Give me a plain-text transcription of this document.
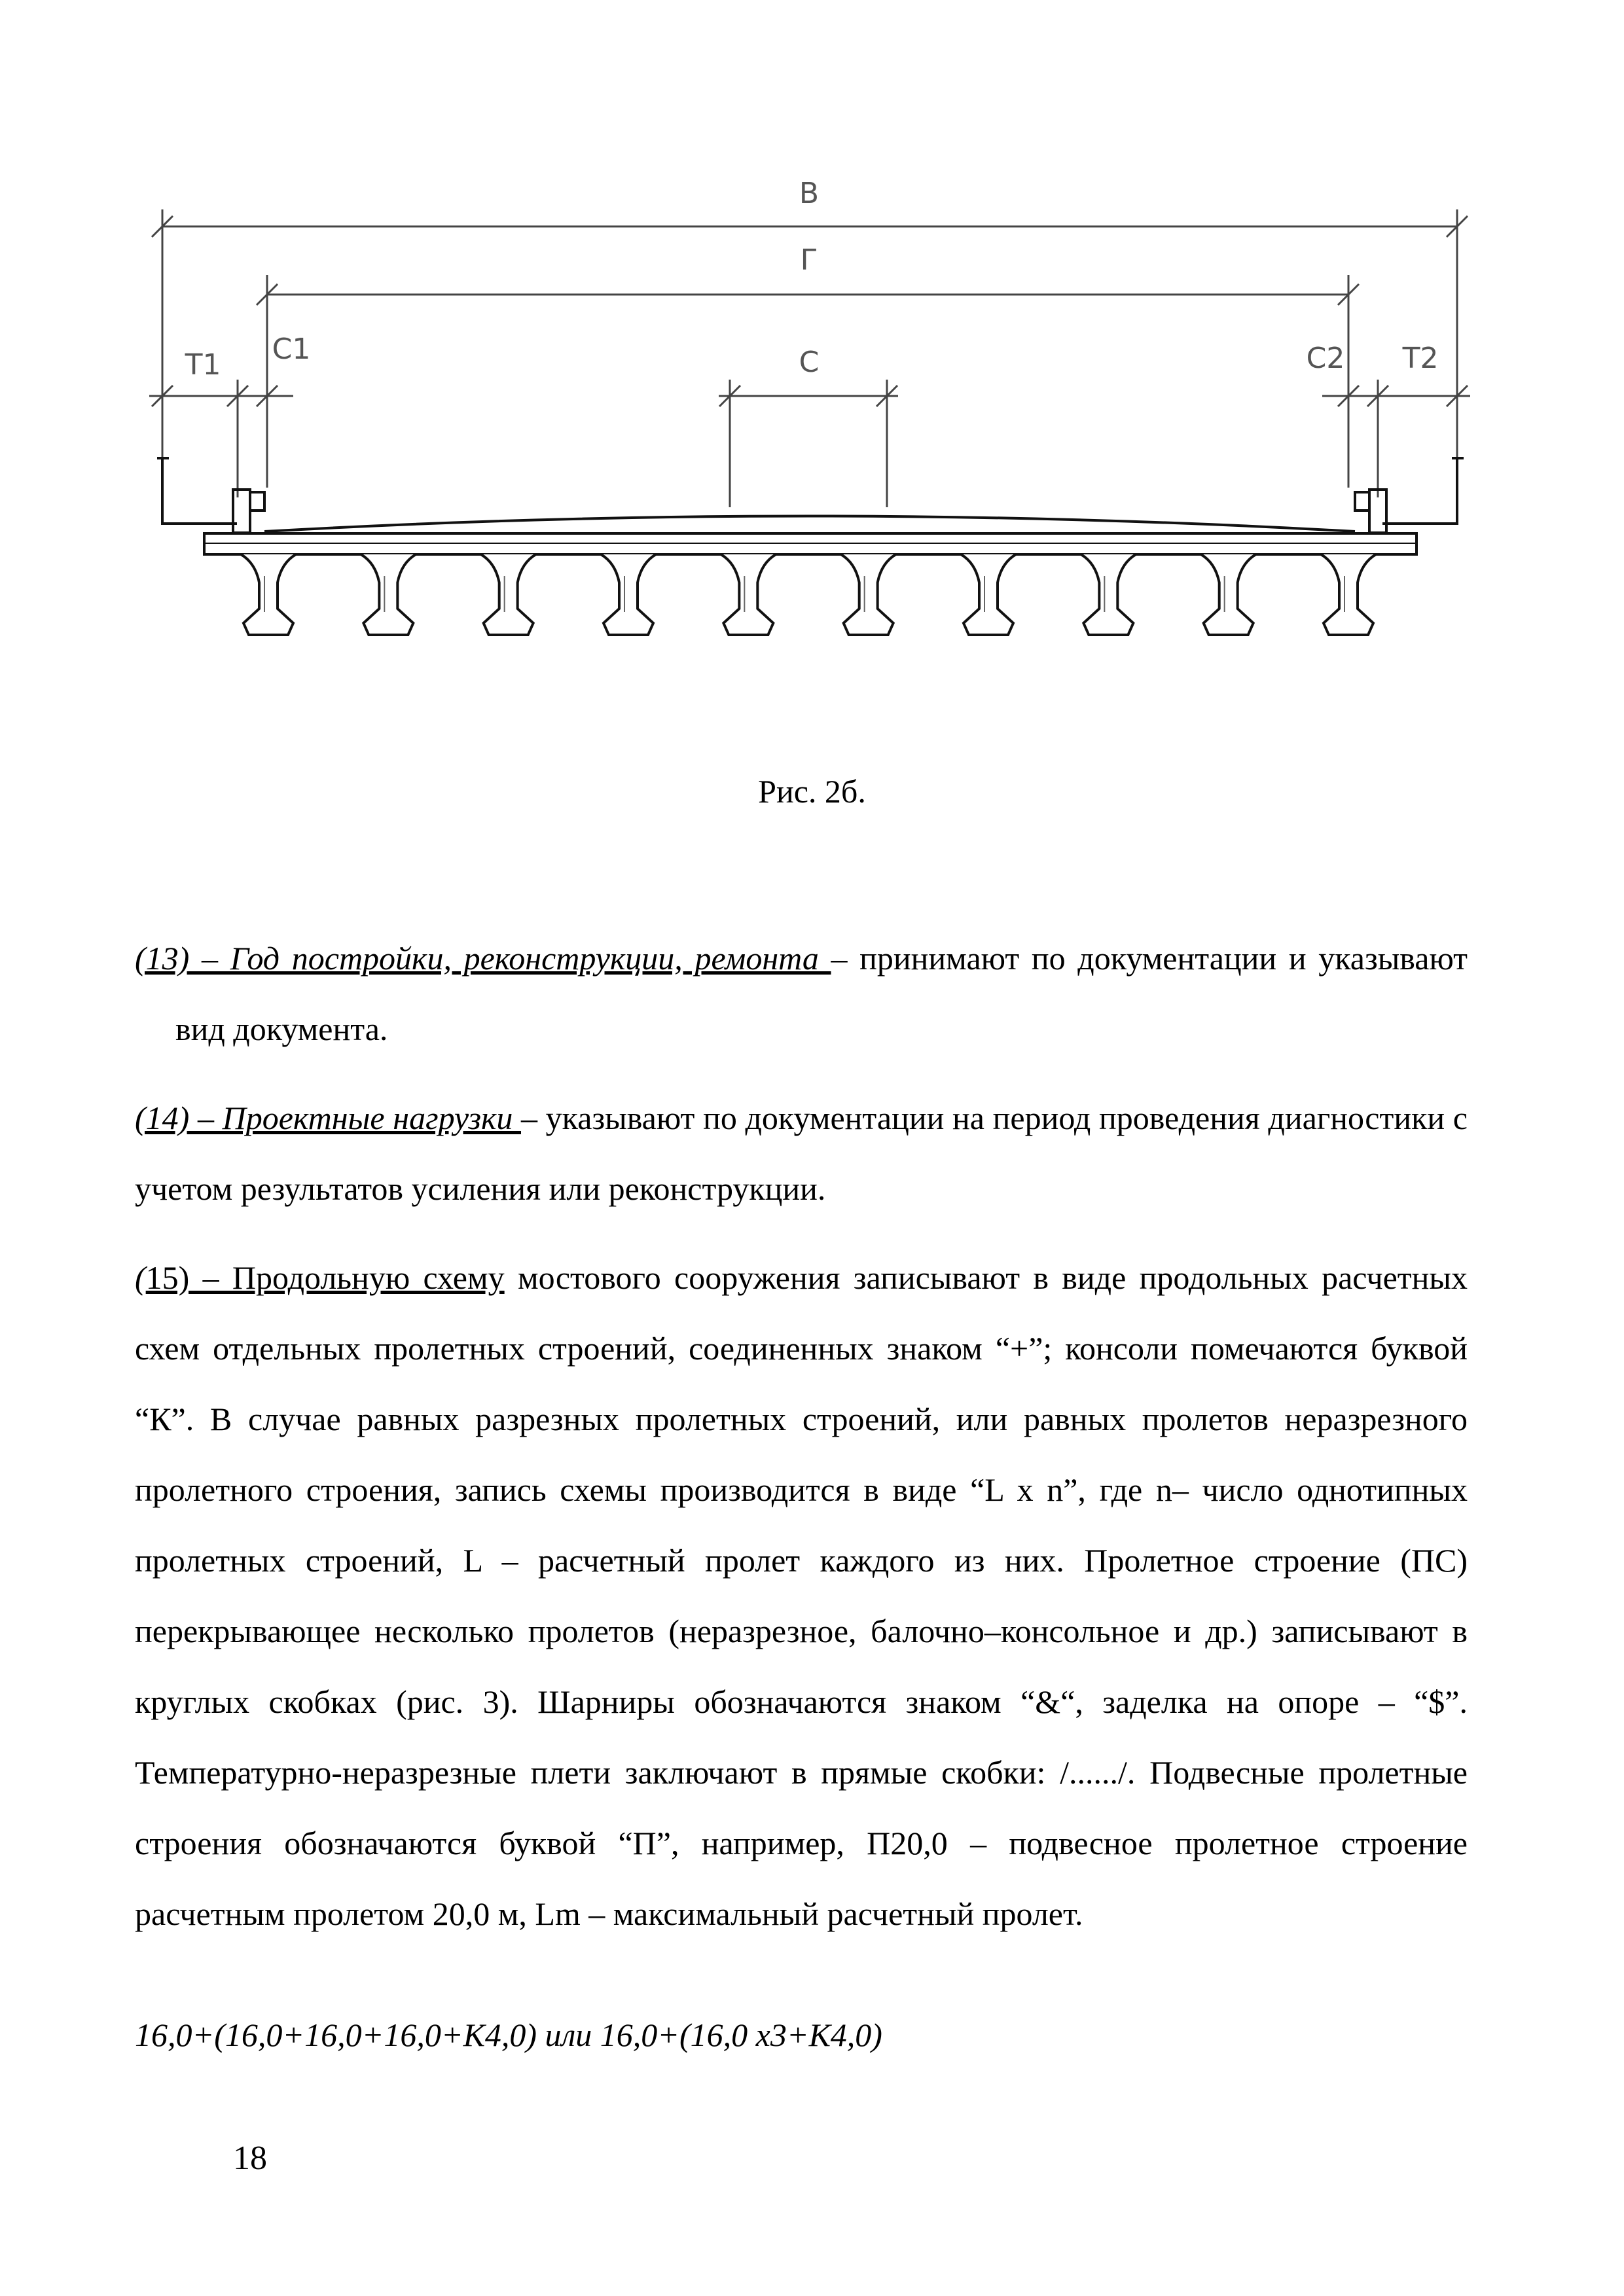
В
Г
С
Т1 С1	С2 Т2
Рис. 2б.

(13) – Год постройки, реконструкции, ремонта – принимают по документации и указывают вид документа.

(14) – Проектные нагрузки – указывают по документации на период проведения диагностики с учетом результатов усиления или реконструкции.

(15) – Продольную схему мостового сооружения записывают в виде продольных расчетных схем отдельных пролетных строений, соединенных знаком “+”; консоли помечаются буквой “К”. В случае равных разрезных пролетных строений, или равных пролетов неразрезного пролетного строения, запись схемы производится в виде “L x n”, где n– число однотипных пролетных строений, L – расчетный пролет каждого из них. Пролетное строение (ПС) перекрывающее несколько пролетов (неразрезное, балочно–консольное и др.) записывают в круглых скобках (рис. 3). Шарниры обозначаются знаком “&“, заделка на опоре – “$”. Температурно-неразрезные плети заключают в прямые скобки: /....../. Подвесные пролетные строения обозначаются буквой “П”, например, П20,0 – подвесное пролетное строение расчетным пролетом 20,0 м, Lm – максимальный расчетный пролет.

16,0+(16,0+16,0+16,0+К4,0) или 16,0+(16,0 х3+К4,0)
18
